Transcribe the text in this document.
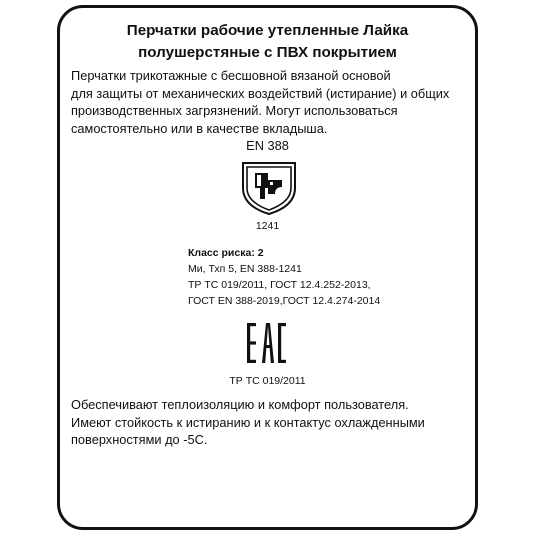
Перчатки рабочие утепленные Лайка
полушерстяные с ПВХ покрытием
Перчатки трикотажные с бесшовной вязаной основой
для защиты от механических воздействий (истирание) и общих
производственных загрязнений. Могут использоваться
самостоятельно или в качестве вкладыша.
EN 388
1241
Класс риска: 2
Ми, Тхп 5, EN 388-1241
ТР ТС 019/2011, ГОСТ 12.4.252-2013,
ГОСТ EN 388-2019,ГОСТ 12.4.274-2014
ТР ТС 019/2011
Обеспечивают теплоизоляцию и комфорт пользователя.
Имеют стойкость к истиранию и к контактус охлажденными
поверхностями до -5С.
